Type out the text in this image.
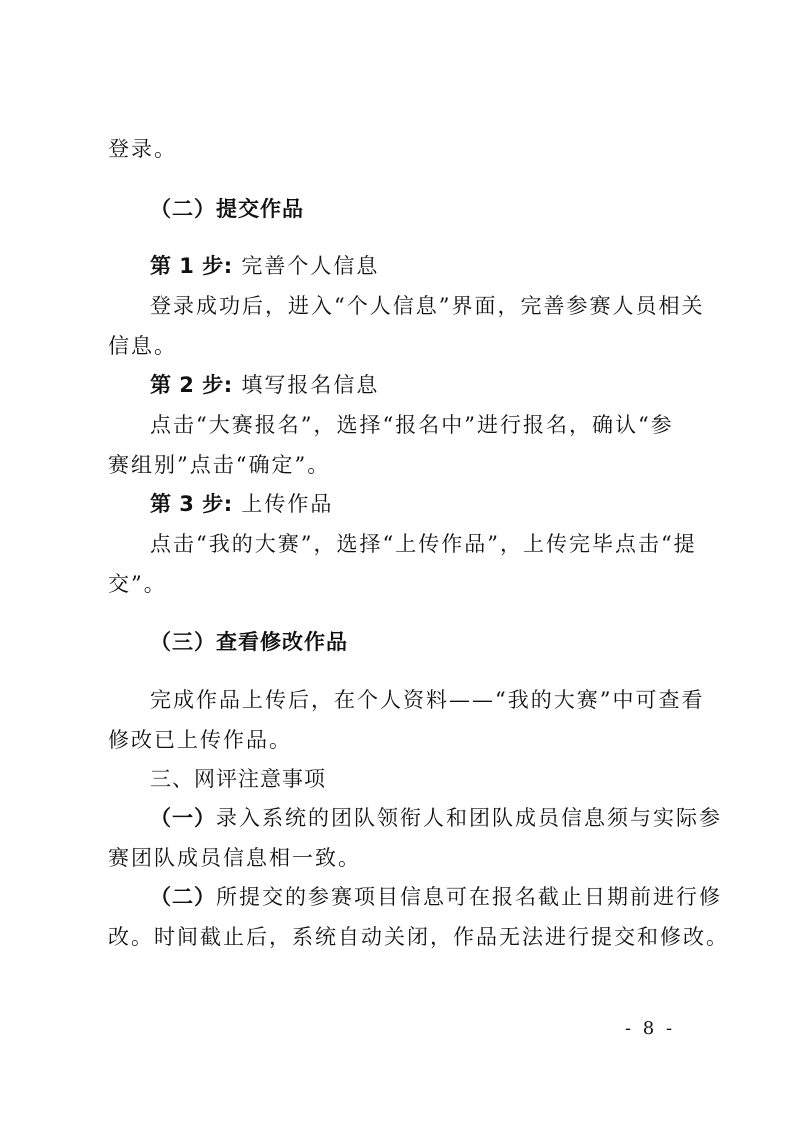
登录。
（二）提交作品
第 1 步: 完善个人信息
登录成功后，进入“个人信息”界面，完善参赛人员相关
信息。
第 2 步: 填写报名信息
点击“大赛报名”，选择“报名中”进行报名，确认“参
赛组别”点击“确定”。
第 3 步: 上传作品
点击“我的大赛”，选择“上传作品”，上传完毕点击“提
交”。
（三）查看修改作品
完成作品上传后，在个人资料——“我的大赛”中可查看
修改已上传作品。
三、网评注意事项
（一）录入系统的团队领衔人和团队成员信息须与实际参
赛团队成员信息相一致。
（二）所提交的参赛项目信息可在报名截止日期前进行修
改。时间截止后，系统自动关闭，作品无法进行提交和修改。
- 8 -
